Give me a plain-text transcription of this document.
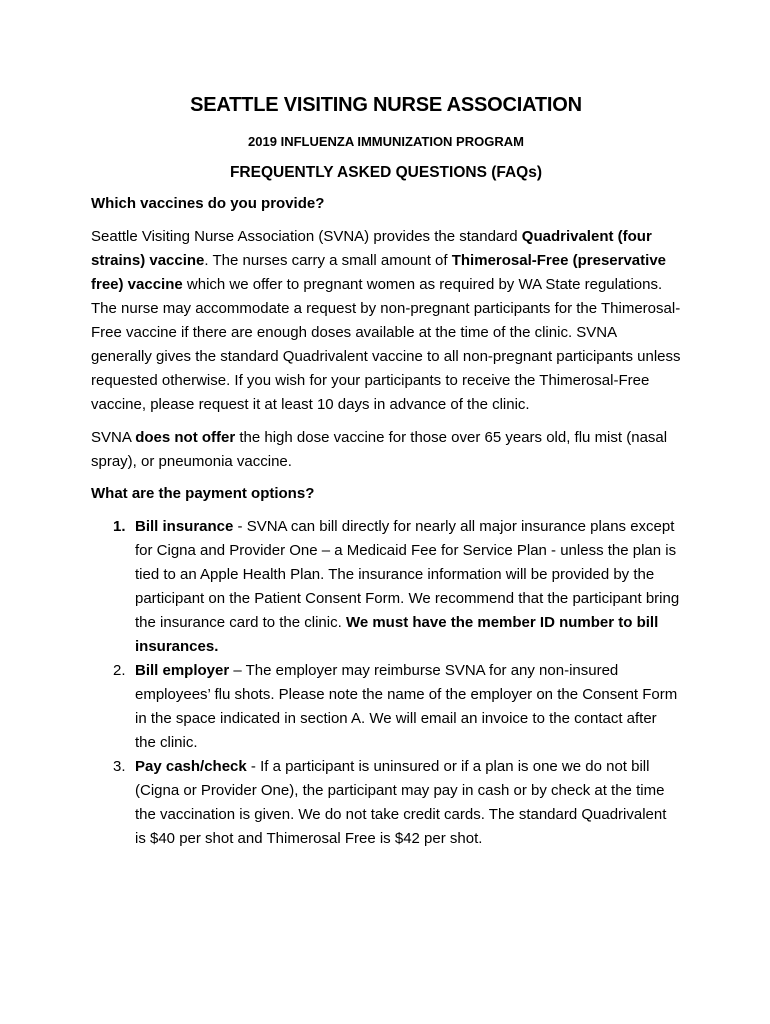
SEATTLE VISITING NURSE ASSOCIATION
2019 INFLUENZA IMMUNIZATION PROGRAM
FREQUENTLY ASKED QUESTIONS (FAQs)
Which vaccines do you provide?

Seattle Visiting Nurse Association (SVNA) provides the standard Quadrivalent (four strains) vaccine. The nurses carry a small amount of Thimerosal-Free (preservative free) vaccine which we offer to pregnant women as required by WA State regulations. The nurse may accommodate a request by non-pregnant participants for the Thimerosal-Free vaccine if there are enough doses available at the time of the clinic. SVNA generally gives the standard Quadrivalent vaccine to all non-pregnant participants unless requested otherwise. If you wish for your participants to receive the Thimerosal-Free vaccine, please request it at least 10 days in advance of the clinic.

SVNA does not offer the high dose vaccine for those over 65 years old, flu mist (nasal spray), or pneumonia vaccine.

What are the payment options?
1. Bill insurance - SVNA can bill directly for nearly all major insurance plans except for Cigna and Provider One – a Medicaid Fee for Service Plan - unless the plan is tied to an Apple Health Plan. The insurance information will be provided by the participant on the Patient Consent Form. We recommend that the participant bring the insurance card to the clinic. We must have the member ID number to bill insurances.
2. Bill employer – The employer may reimburse SVNA for any non-insured employees’ flu shots. Please note the name of the employer on the Consent Form in the space indicated in section A. We will email an invoice to the contact after the clinic.
3. Pay cash/check - If a participant is uninsured or if a plan is one we do not bill (Cigna or Provider One), the participant may pay in cash or by check at the time the vaccination is given. We do not take credit cards. The standard Quadrivalent is $40 per shot and Thimerosal Free is $42 per shot.
